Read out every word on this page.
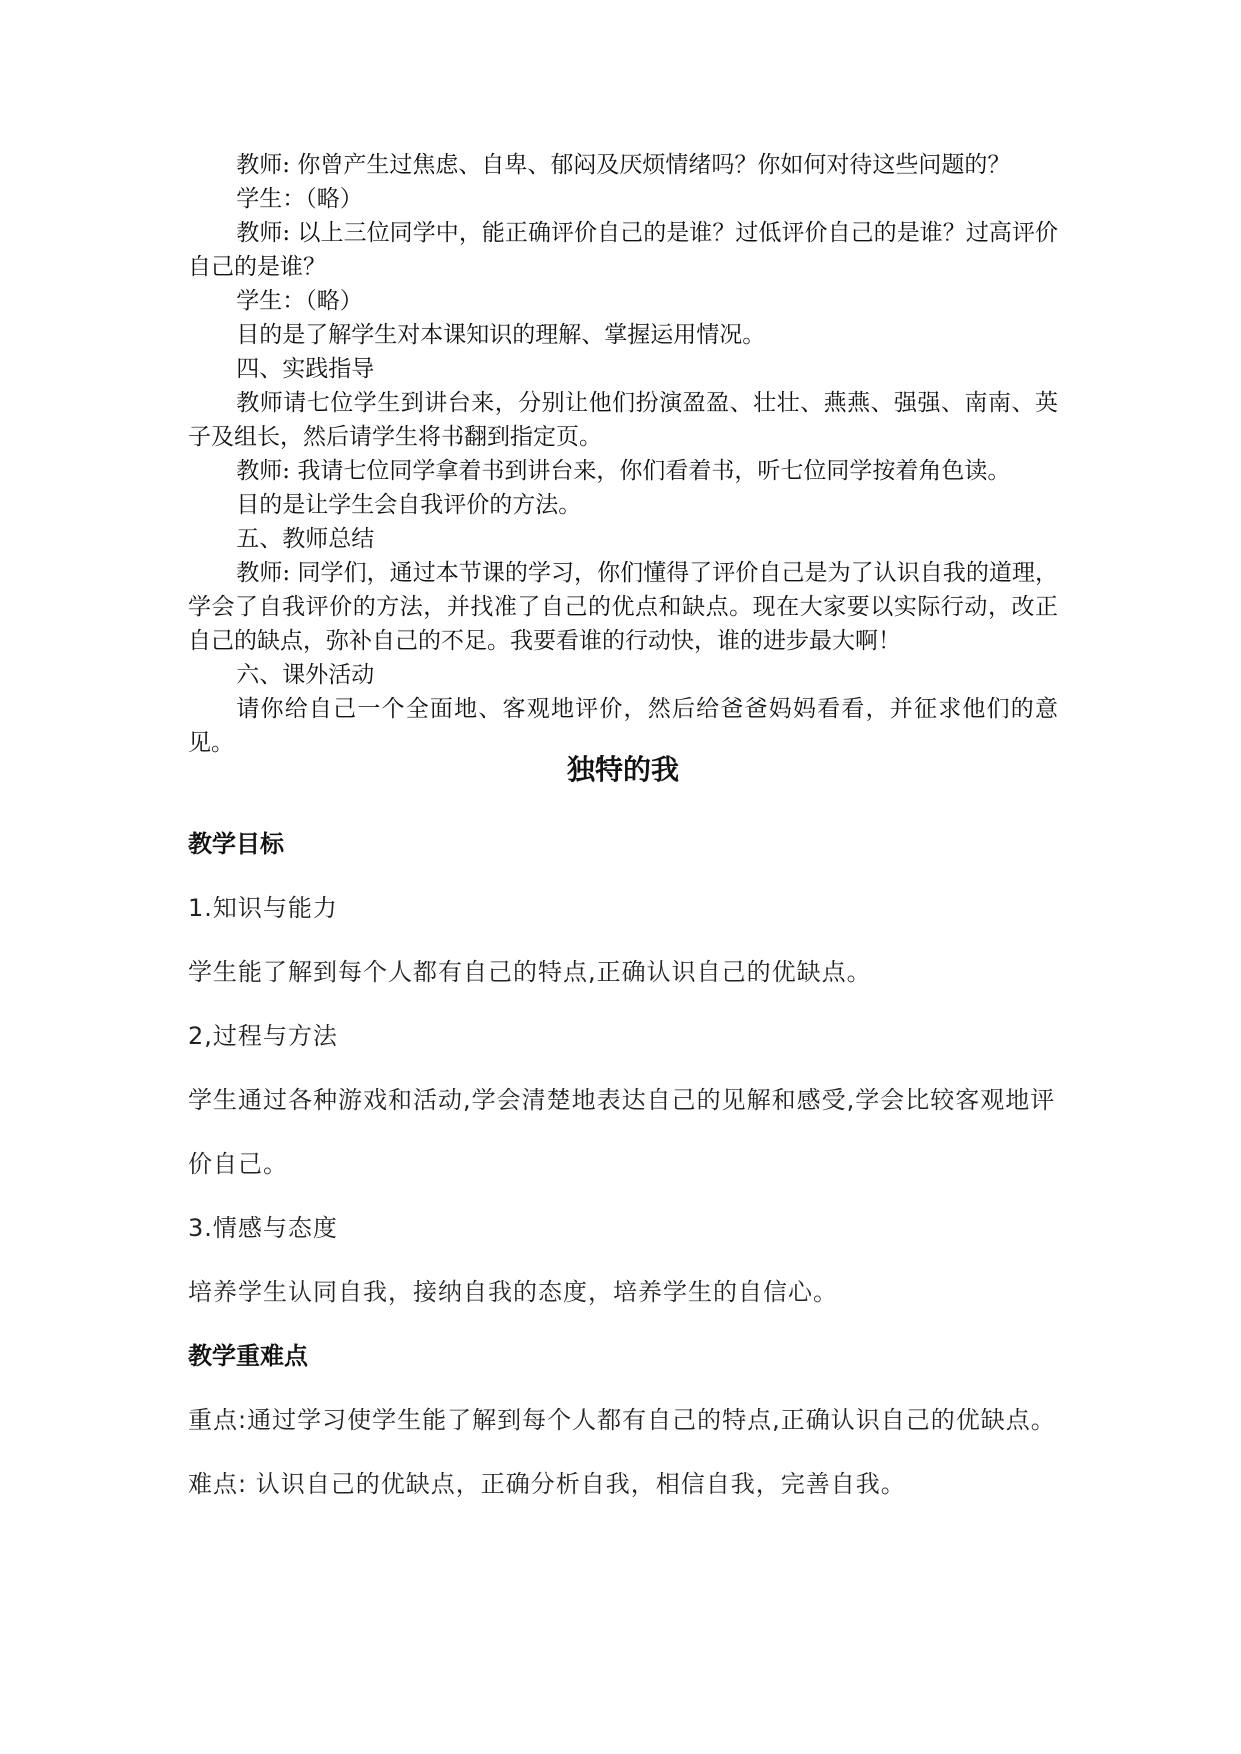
教师: 你曾产生过焦虑、自卑、郁闷及厌烦情绪吗？你如何对待这些问题的？

学生：（略）

教师: 以上三位同学中，能正确评价自己的是谁？过低评价自己的是谁？过高评价自己的是谁？

学生：（略）

目的是了解学生对本课知识的理解、掌握运用情况。

四、实践指导

教师请七位学生到讲台来，分别让他们扮演盈盈、壮壮、燕燕、强强、南南、英子及组长，然后请学生将书翻到指定页。

教师: 我请七位同学拿着书到讲台来，你们看着书，听七位同学按着角色读。

目的是让学生会自我评价的方法。

五、教师总结

教师: 同学们，通过本节课的学习，你们懂得了评价自己是为了认识自我的道理，学会了自我评价的方法，并找准了自己的优点和缺点。现在大家要以实际行动，改正自己的缺点，弥补自己的不足。我要看谁的行动快，谁的进步最大啊！

六、课外活动

请你给自己一个全面地、客观地评价，然后给爸爸妈妈看看，并征求他们的意见。

独特的我

教学目标

1.知识与能力

学生能了解到每个人都有自己的特点,正确认识自己的优缺点。

2,过程与方法

学生通过各种游戏和活动,学会清楚地表达自己的见解和感受,学会比较客观地评价自己。

3.情感与态度

培养学生认同自我，接纳自我的态度，培养学生的自信心。

教学重难点

重点:通过学习使学生能了解到每个人都有自己的特点,正确认识自己的优缺点。

难点: 认识自己的优缺点，正确分析自我，相信自我，完善自我。
